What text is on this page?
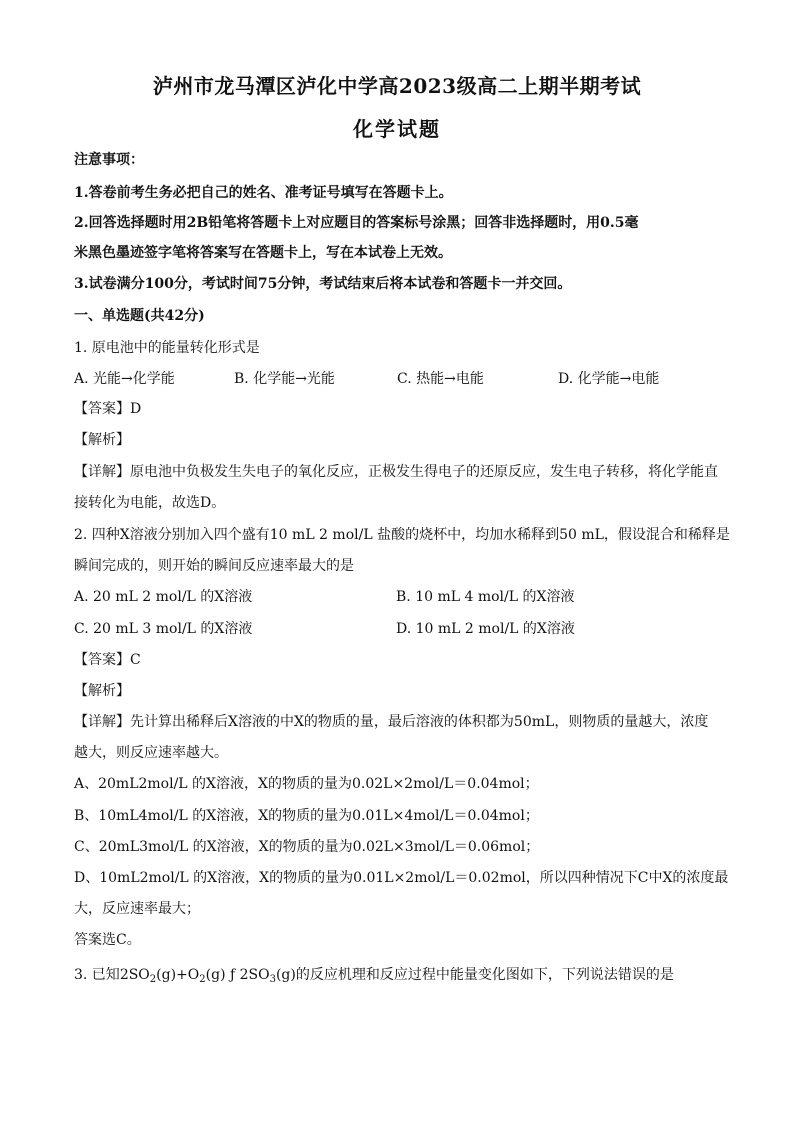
泸州市龙马潭区泸化中学高2023级高二上期半期考试
化学试题
注意事项：
1.答卷前考生务必把自己的姓名、准考证号填写在答题卡上。
2.回答选择题时用2B铅笔将答题卡上对应题目的答案标号涂黑；回答非选择题时，用0.5毫
米黑色墨迹签字笔将答案写在答题卡上，写在本试卷上无效。
3.试卷满分100分，考试时间75分钟，考试结束后将本试卷和答题卡一并交回。
一、单选题(共42分)
1. 原电池中的能量转化形式是
A. 光能→化学能	B. 化学能→光能	C. 热能→电能	D. 化学能→电能
【答案】D
【解析】
【详解】原电池中负极发生失电子的氧化反应，正极发生得电子的还原反应，发生电子转移，将化学能直
接转化为电能，故选D。
2. 四种X溶液分别加入四个盛有10 mL 2 mol/L 盐酸的烧杯中，均加水稀释到50 mL，假设混合和稀释是
瞬间完成的，则开始的瞬间反应速率最大的是
A. 20 mL 2 mol/L 的X溶液	B. 10 mL 4 mol/L 的X溶液
C. 20 mL 3 mol/L 的X溶液	D. 10 mL 2 mol/L 的X溶液
【答案】C
【解析】
【详解】先计算出稀释后X溶液的中X的物质的量，最后溶液的体积都为50mL，则物质的量越大，浓度
越大，则反应速率越大。
A、20mL2mol/L 的X溶液，X的物质的量为0.02L×2mol/L＝0.04mol；
B、10mL4mol/L 的X溶液，X的物质的量为0.01L×4mol/L＝0.04mol；
C、20mL3mol/L 的X溶液，X的物质的量为0.02L×3mol/L＝0.06mol；
D、10mL2mol/L 的X溶液，X的物质的量为0.01L×2mol/L＝0.02mol，所以四种情况下C中X的浓度最
大，反应速率最大；
答案选C。
3. 已知$2SO_2(g)+O_2(g)$ ƒ $2SO_3(g)$的反应机理和反应过程中能量变化图如下，下列说法错误的是
